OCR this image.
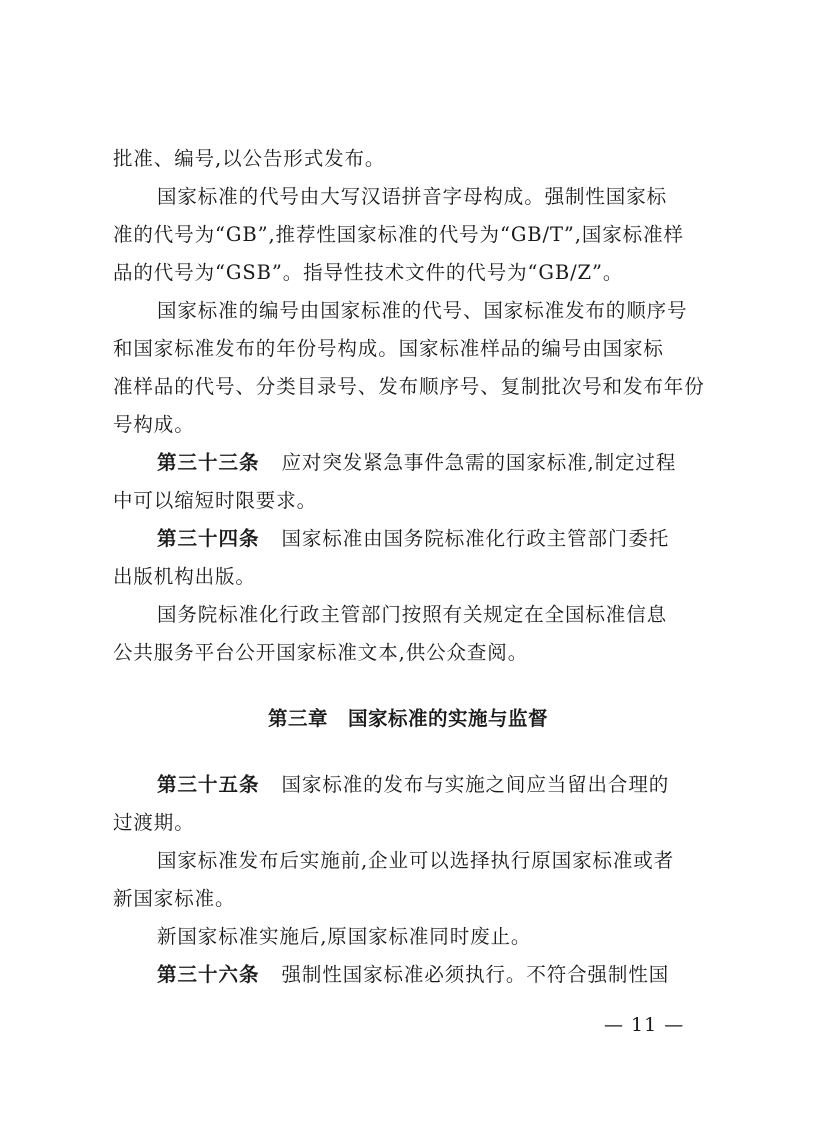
批准、编号,以公告形式发布。
国家标准的代号由大写汉语拼音字母构成。强制性国家标
准的代号为“GB”,推荐性国家标准的代号为“GB/T”,国家标准样
品的代号为“GSB”。指导性技术文件的代号为“GB/Z”。
国家标准的编号由国家标准的代号、国家标准发布的顺序号
和国家标准发布的年份号构成。国家标准样品的编号由国家标
准样品的代号、分类目录号、发布顺序号、复制批次号和发布年份
号构成。
第三十三条 应对突发紧急事件急需的国家标准,制定过程
中可以缩短时限要求。
第三十四条 国家标准由国务院标准化行政主管部门委托
出版机构出版。
国务院标准化行政主管部门按照有关规定在全国标准信息
公共服务平台公开国家标准文本,供公众查阅。
第三章 国家标准的实施与监督
第三十五条 国家标准的发布与实施之间应当留出合理的
过渡期。
国家标准发布后实施前,企业可以选择执行原国家标准或者
新国家标准。
新国家标准实施后,原国家标准同时废止。
第三十六条 强制性国家标准必须执行。不符合强制性国
— 11 —
